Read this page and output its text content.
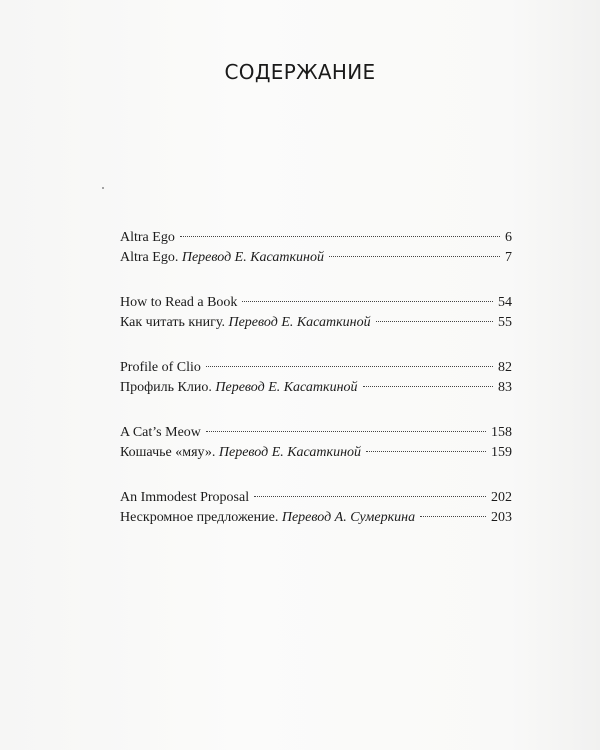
СОДЕРЖАНИЕ
Altra Ego	6
Altra Ego. Перевод Е. Касаткиной	7
How to Read a Book	54
Как читать книгу. Перевод Е. Касаткиной	55
Profile of Clio	82
Профиль Клио. Перевод Е. Касаткиной	83
A Cat’s Meow	158
Кошачье «мяу». Перевод Е. Касаткиной	159
An Immodest Proposal	202
Нескромное предложение. Перевод А. Сумеркина	203
